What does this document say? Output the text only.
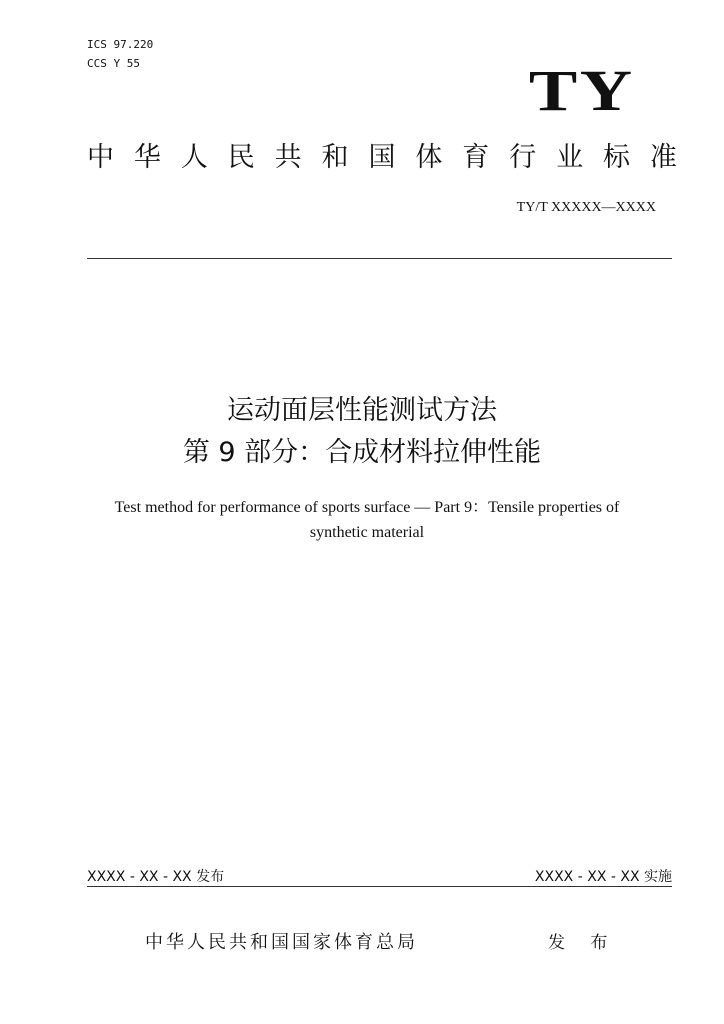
ICS 97.220
CCS Y 55	TY
中 华 人 民 共 和 国 体 育 行 业 标 准
TY/T XXXXX—XXXX
运动面层性能测试方法
第 9 部分：合成材料拉伸性能
Test method for performance of sports surface — Part 9：Tensile properties of synthetic material
XXXX - XX - XX 发布	XXXX - XX - XX 实施
中华人民共和国国家体育总局	发 布
